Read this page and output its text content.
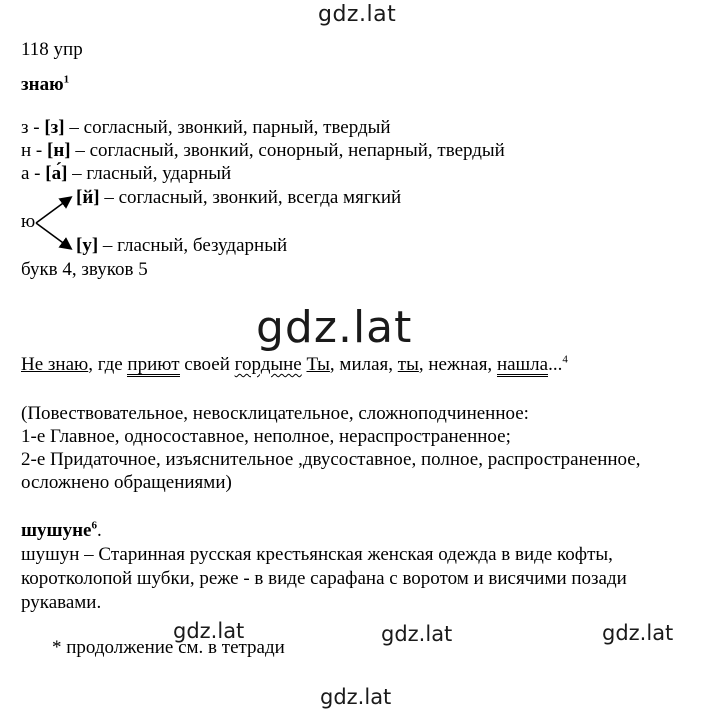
gdz.lat
gdz.lat
gdz.lat	gdz.lat	gdz.lat
gdz.lat
118 упр
знаю$^1$
з - [з] – согласный, звонкий, парный, твердый
н - [н] – согласный, звонкий, сонорный, непарный, твердый
а - [а́] – гласный, ударный
[й] – согласный, звонкий, всегда мягкий
ю
[у] – гласный, безударный
букв 4, звуков 5
Не знаю, где приют своей гордыне Ты, милая, ты, нежная, нашла...$^4$
(Повествовательное, невосклицательное, сложноподчиненное:
1-е Главное, односоставное, неполное, нераспространенное;
2-е Придаточное, изъяснительное ,двусоставное, полное, распространенное,
осложнено обращениями)
шушуне$^6$.
шушун – Старинная русская крестьянская женская одежда в виде кофты,
коротколопой шубки, реже - в виде сарафана с воротом и висячими позади
рукавами.
* продолжение см. в тетради
